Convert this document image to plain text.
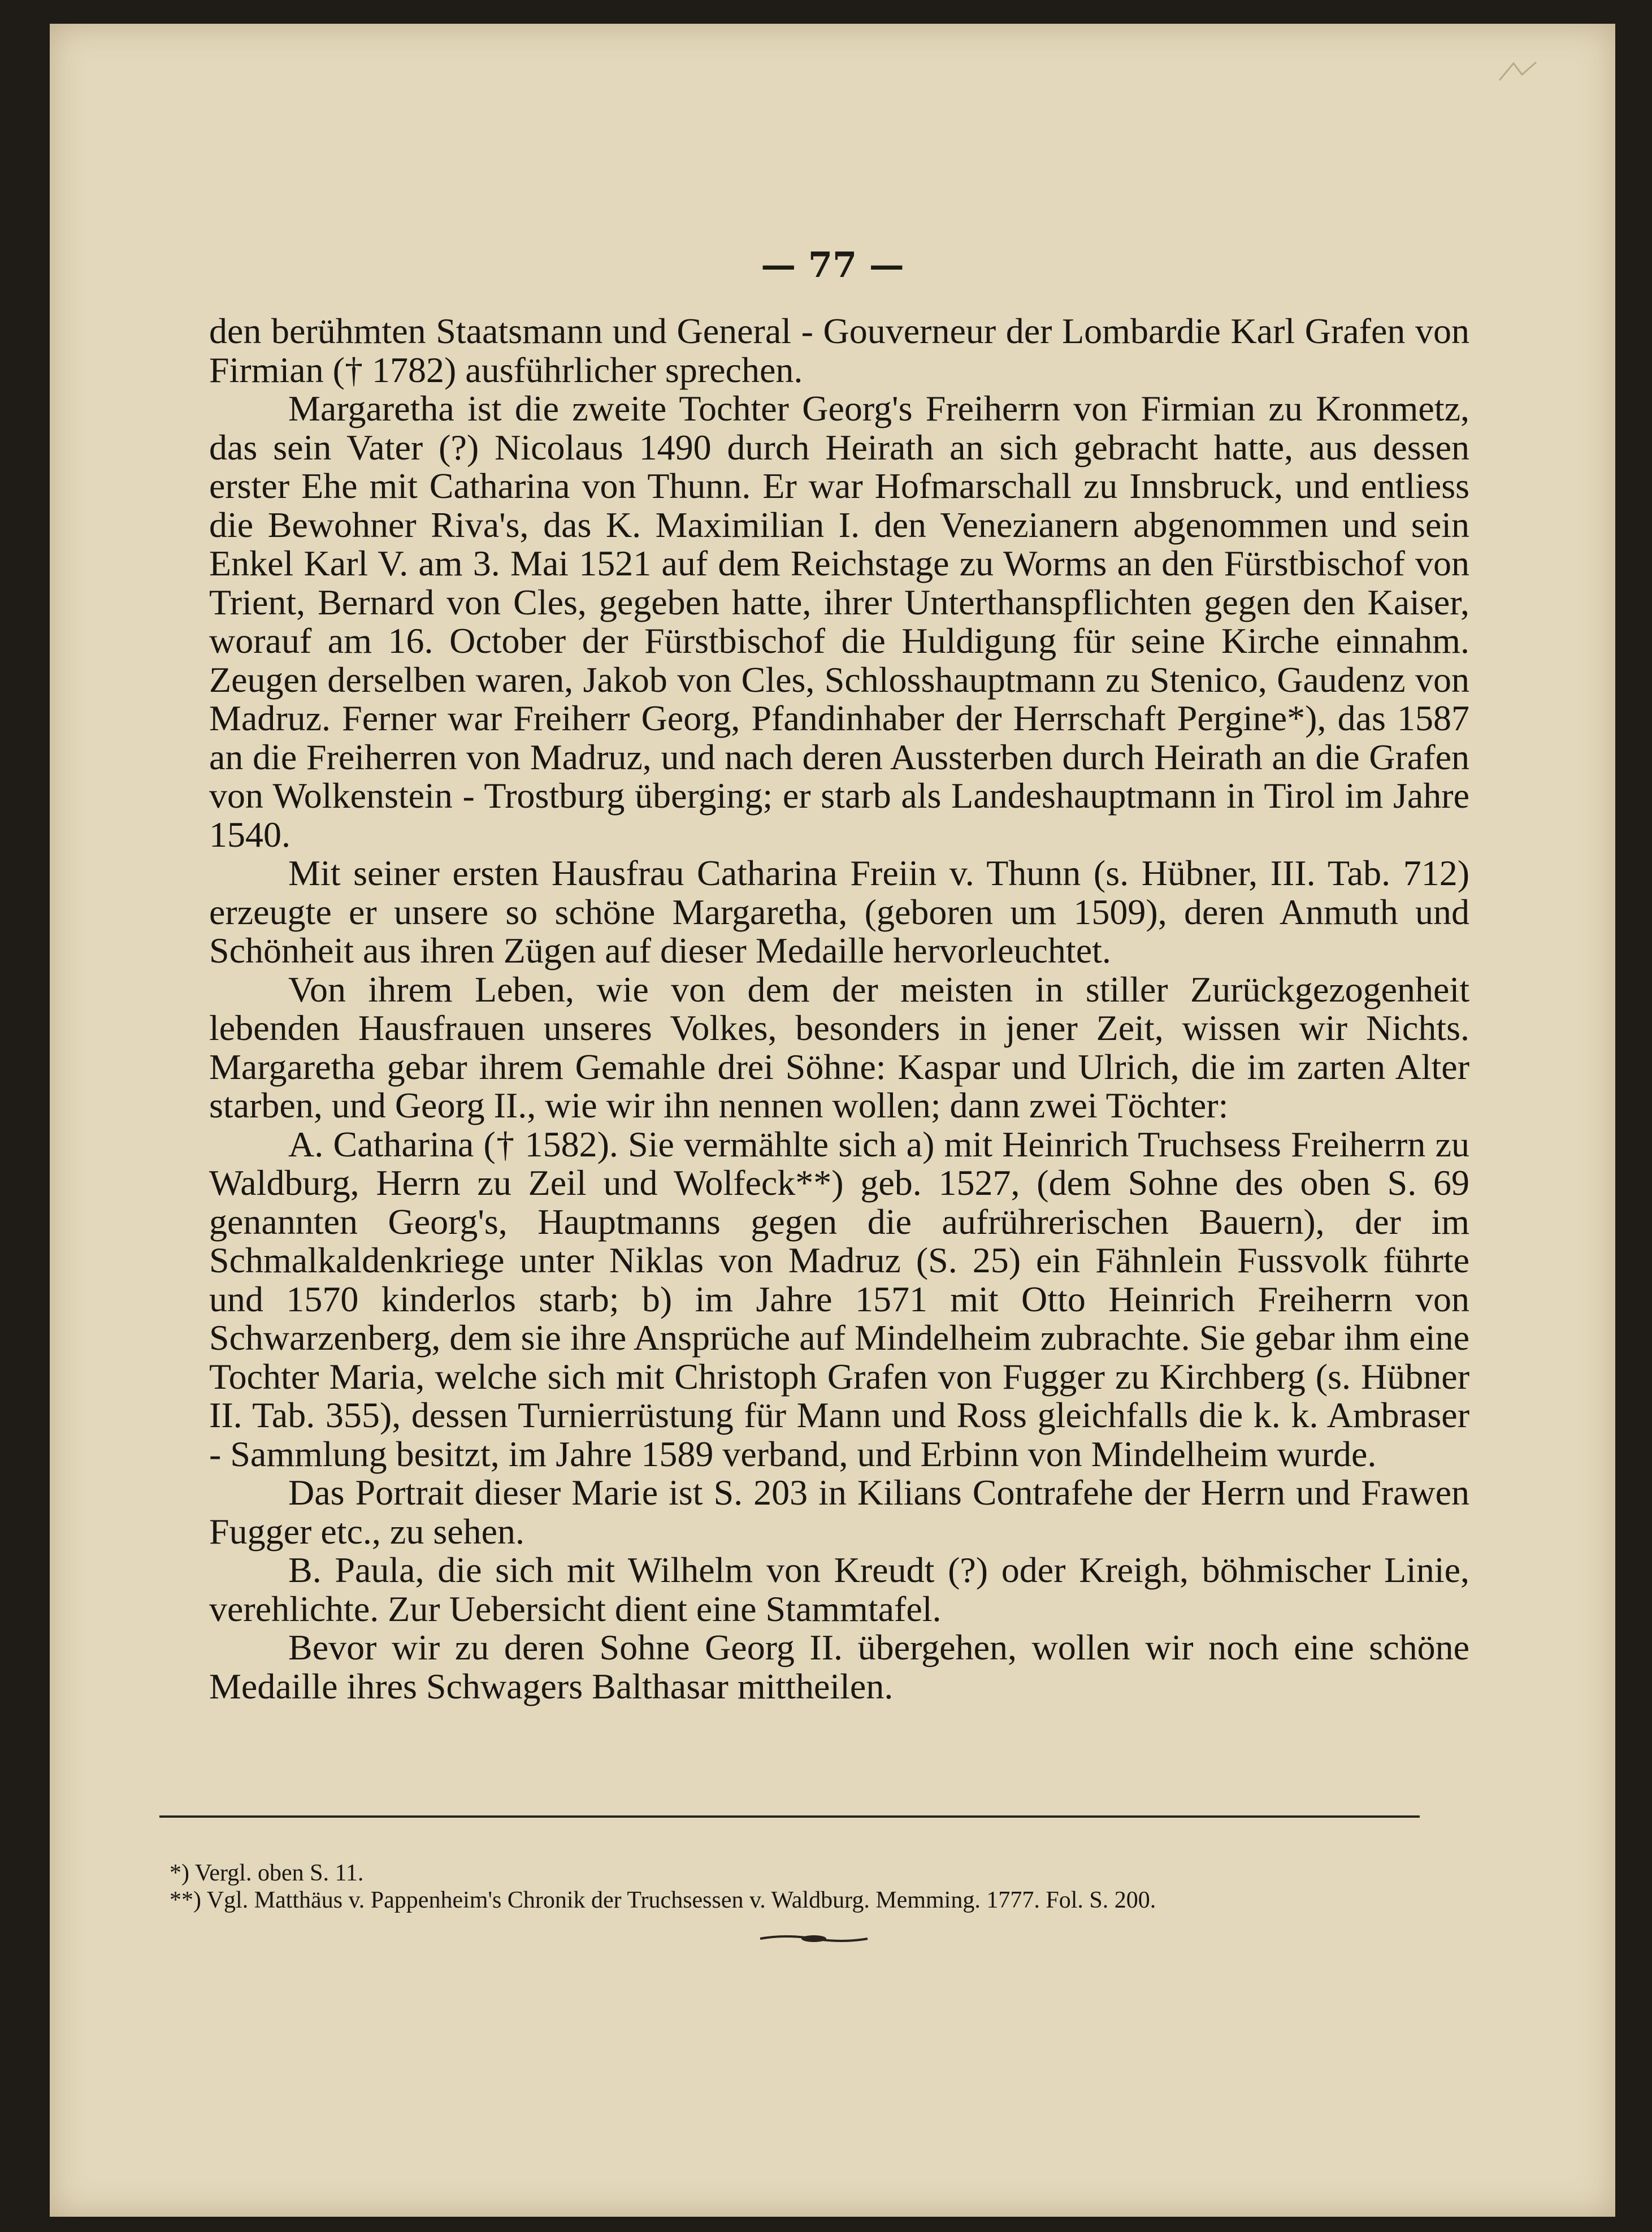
— 77 —

den berühmten Staatsmann und General - Gouverneur der Lombardie Karl Grafen von Firmian († 1782) ausführlicher sprechen.

Margaretha ist die zweite Tochter Georg's Freiherrn von Firmian zu Kronmetz, das sein Vater (?) Nicolaus 1490 durch Heirath an sich gebracht hatte, aus dessen erster Ehe mit Catharina von Thunn. Er war Hofmarschall zu Innsbruck, und entliess die Bewohner Riva's, das K. Maximilian I. den Venezianern abgenommen und sein Enkel Karl V. am 3. Mai 1521 auf dem Reichstage zu Worms an den Fürstbischof von Trient, Bernard von Cles, gegeben hatte, ihrer Unterthanspflichten gegen den Kaiser, worauf am 16. October der Fürstbischof die Huldigung für seine Kirche einnahm. Zeugen derselben waren, Jakob von Cles, Schlosshauptmann zu Stenico, Gaudenz von Madruz. Ferner war Freiherr Georg, Pfandinhaber der Herrschaft Pergine*), das 1587 an die Freiherren von Madruz, und nach deren Aussterben durch Heirath an die Grafen von Wolkenstein - Trostburg überging; er starb als Landeshauptmann in Tirol im Jahre 1540.

Mit seiner ersten Hausfrau Catharina Freiin v. Thunn (s. Hübner, III. Tab. 712) erzeugte er unsere so schöne Margaretha, (geboren um 1509), deren Anmuth und Schönheit aus ihren Zügen auf dieser Medaille hervorleuchtet.

Von ihrem Leben, wie von dem der meisten in stiller Zurückgezogenheit lebenden Hausfrauen unseres Volkes, besonders in jener Zeit, wissen wir Nichts. Margaretha gebar ihrem Gemahle drei Söhne: Kaspar und Ulrich, die im zarten Alter starben, und Georg II., wie wir ihn nennen wollen; dann zwei Töchter:

A. Catharina († 1582). Sie vermählte sich a) mit Heinrich Truchsess Freiherrn zu Waldburg, Herrn zu Zeil und Wolfeck**) geb. 1527, (dem Sohne des oben S. 69 genannten Georg's, Hauptmanns gegen die aufrührerischen Bauern), der im Schmalkaldenkriege unter Niklas von Madruz (S. 25) ein Fähnlein Fussvolk führte und 1570 kinderlos starb; b) im Jahre 1571 mit Otto Heinrich Freiherrn von Schwarzenberg, dem sie ihre Ansprüche auf Mindelheim zubrachte. Sie gebar ihm eine Tochter Maria, welche sich mit Christoph Grafen von Fugger zu Kirchberg (s. Hübner II. Tab. 355), dessen Turnierrüstung für Mann und Ross gleichfalls die k. k. Ambraser - Sammlung besitzt, im Jahre 1589 verband, und Erbinn von Mindelheim wurde.

Das Portrait dieser Marie ist S. 203 in Kilians Contrafehe der Herrn und Frawen Fugger etc., zu sehen.

B. Paula, die sich mit Wilhelm von Kreudt (?) oder Kreigh, böhmischer Linie, verehlichte. Zur Uebersicht dient eine Stammtafel.

Bevor wir zu deren Sohne Georg II. übergehen, wollen wir noch eine schöne Medaille ihres Schwagers Balthasar mittheilen.

*) Vergl. oben S. 11.

**) Vgl. Matthäus v. Pappenheim's Chronik der Truchsessen v. Waldburg. Memming. 1777. Fol. S. 200.
